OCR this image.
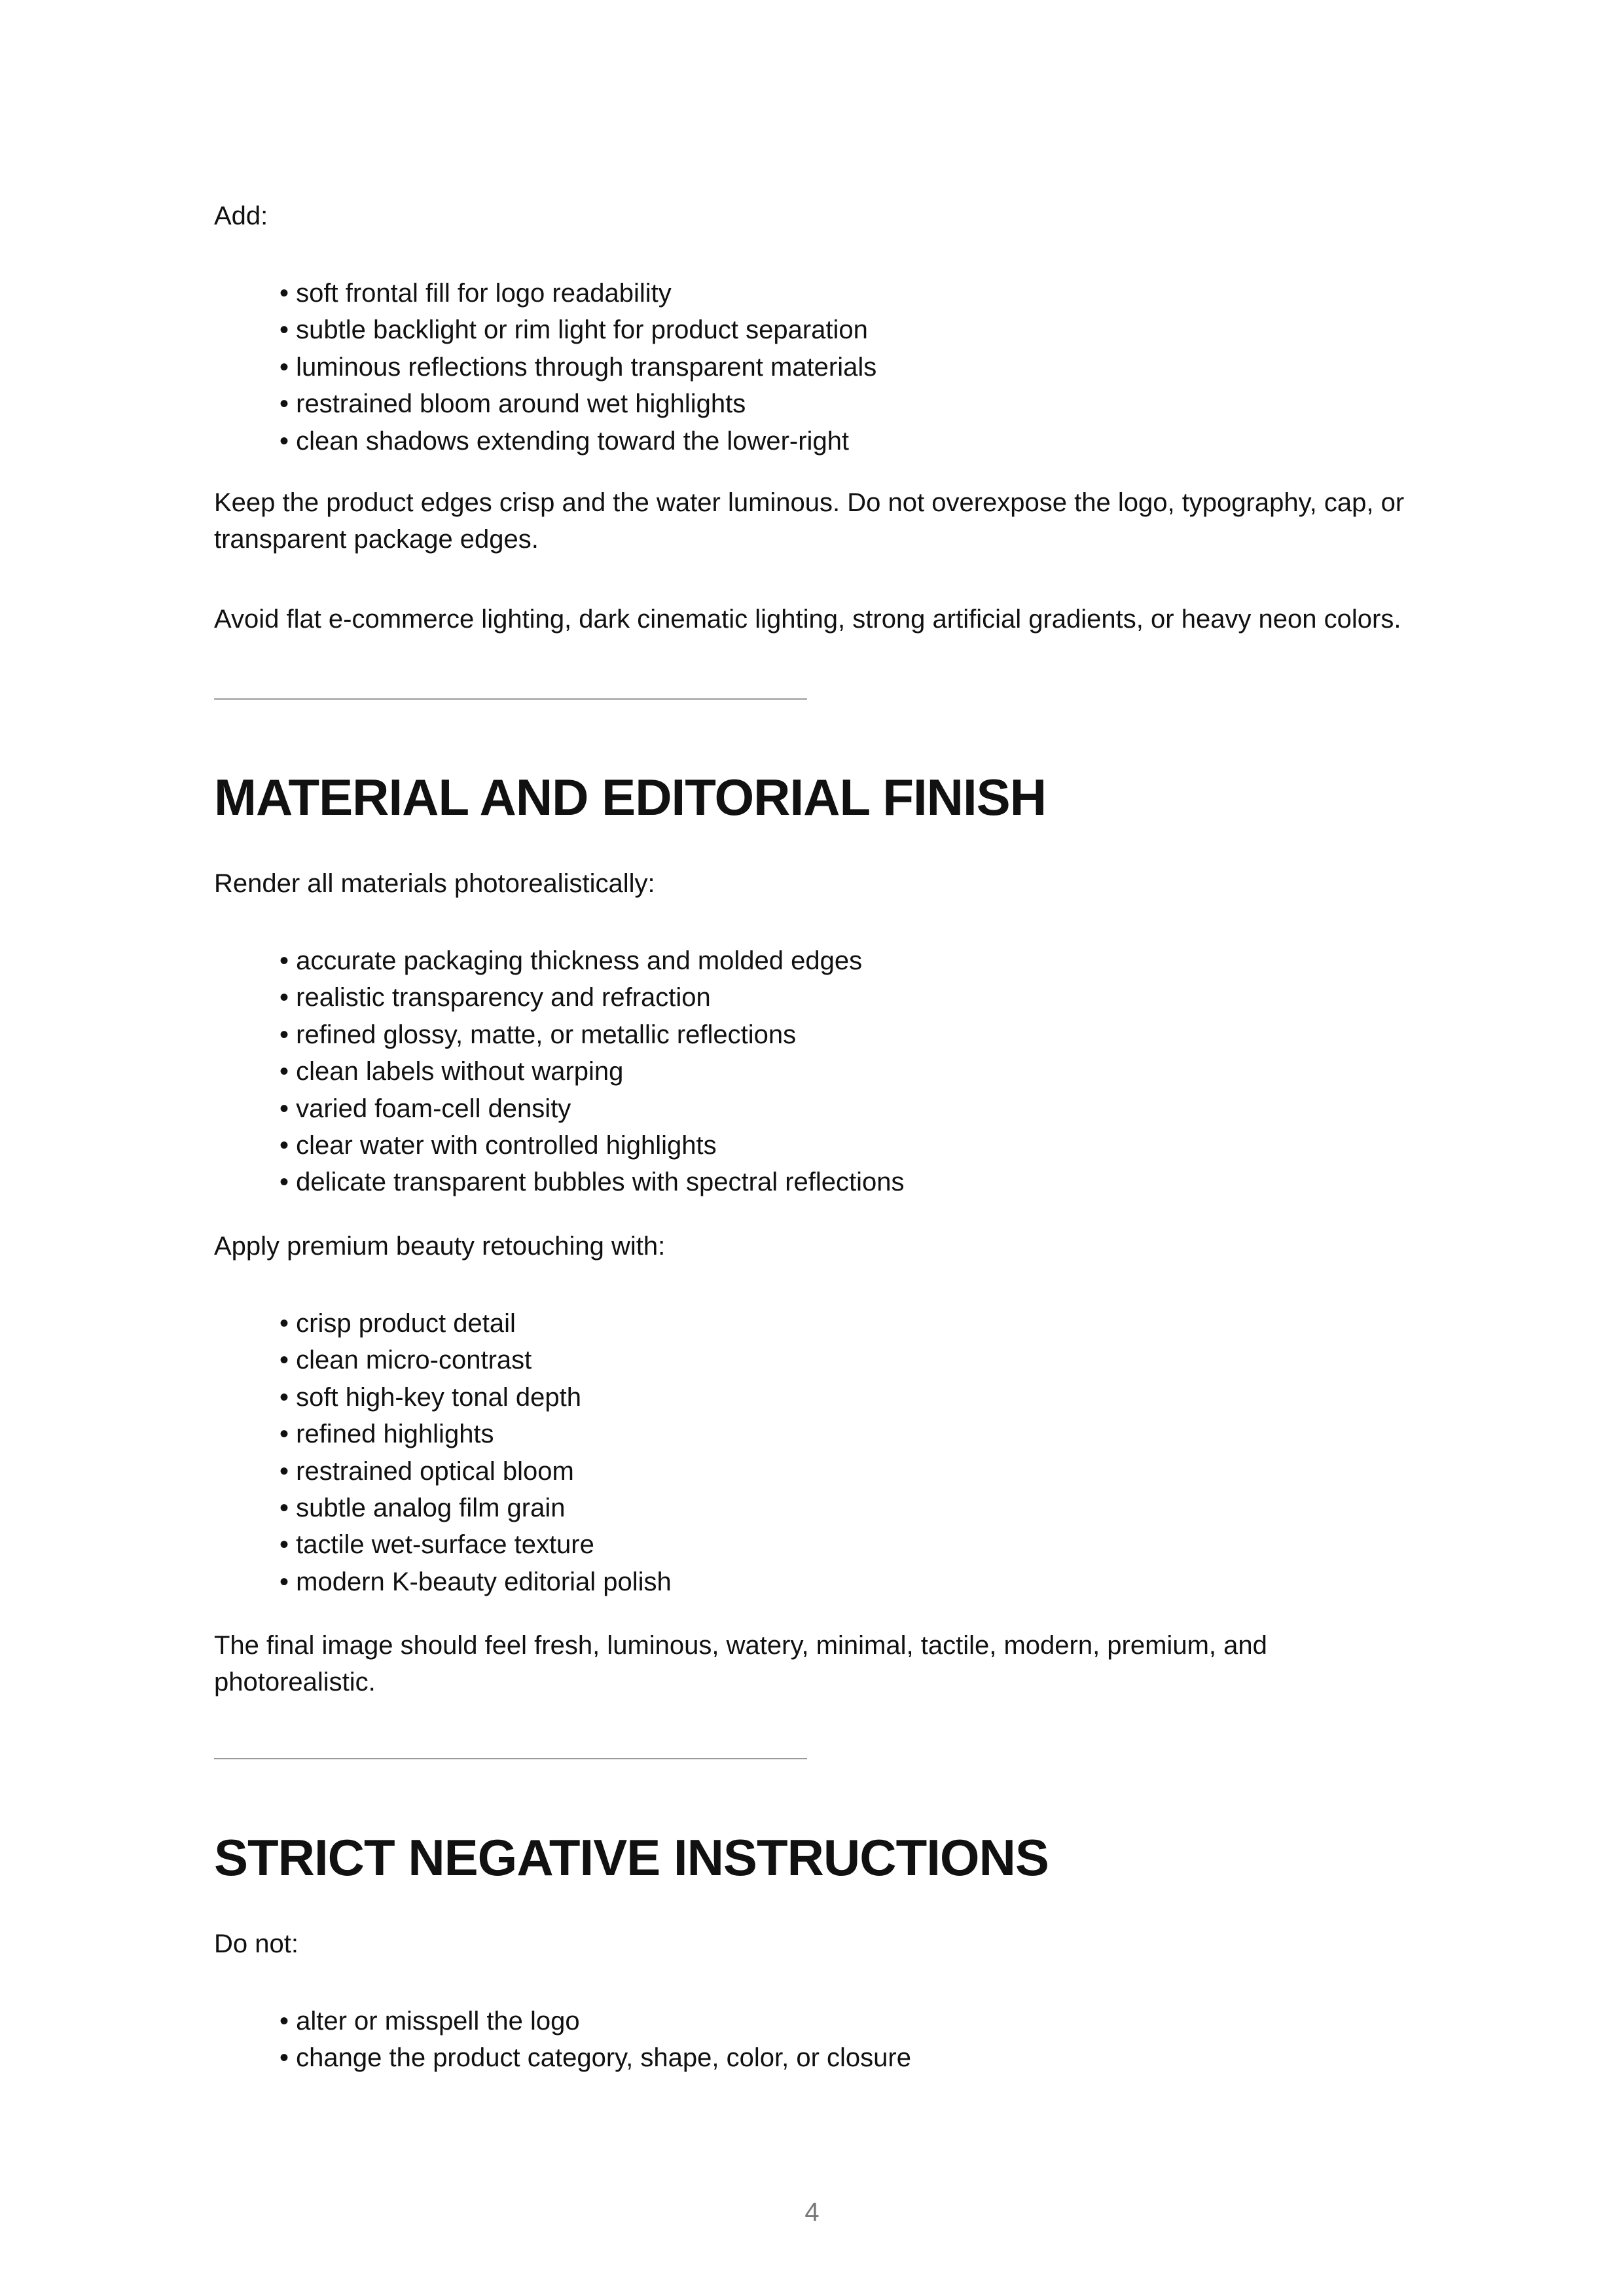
Add:

• soft frontal fill for logo readability
• subtle backlight or rim light for product separation
• luminous reflections through transparent materials
• restrained bloom around wet highlights
• clean shadows extending toward the lower-right

Keep the product edges crisp and the water luminous. Do not overexpose the logo, typography, cap, or transparent package edges.

Avoid flat e-commerce lighting, dark cinematic lighting, strong artificial gradients, or heavy neon colors.

MATERIAL AND EDITORIAL FINISH

Render all materials photorealistically:

• accurate packaging thickness and molded edges
• realistic transparency and refraction
• refined glossy, matte, or metallic reflections
• clean labels without warping
• varied foam-cell density
• clear water with controlled highlights
• delicate transparent bubbles with spectral reflections

Apply premium beauty retouching with:

• crisp product detail
• clean micro-contrast
• soft high-key tonal depth
• refined highlights
• restrained optical bloom
• subtle analog film grain
• tactile wet-surface texture
• modern K-beauty editorial polish

The final image should feel fresh, luminous, watery, minimal, tactile, modern, premium, and photorealistic.

STRICT NEGATIVE INSTRUCTIONS

Do not:

• alter or misspell the logo
• change the product category, shape, color, or closure
4
